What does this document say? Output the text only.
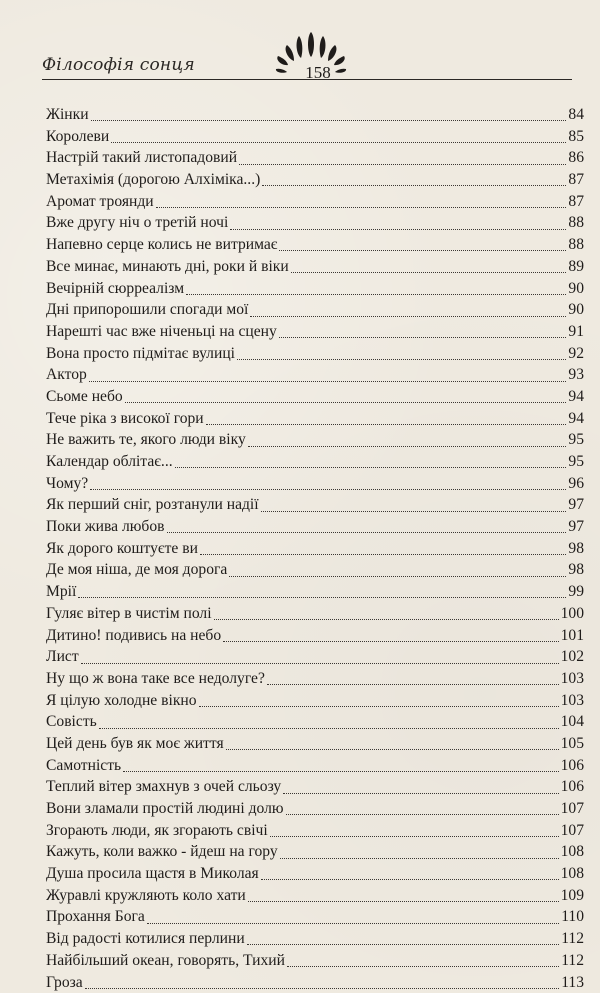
Філософія сонця	158
Жінки	84
Королеви	85
Настрій такий листопадовий	86
Метахімія (дорогою Алхіміка...)	87
Аромат троянди	87
Вже другу ніч о третій ночі	88
Напевно серце колись не витримає	88
Все минає, минають дні, роки й віки	89
Вечірній сюрреалізм	90
Дні припорошили спогади мої	90
Нарешті час вже ніченьці на сцену	91
Вона просто підмітає вулиці	92
Актор	93
Сьоме небо	94
Тече ріка з високої гори	94
Не важить те, якого люди віку	95
Календар облітає...	95
Чому?	96
Як перший сніг, розтанули надії	97
Поки жива любов	97
Як дорого коштуєте ви	98
Де моя ніша, де моя дорога	98
Мрії	99
Гуляє вітер в чистім полі	100
Дитино! подивись на небо	101
Лист	102
Ну що ж вона таке все недолуге?	103
Я цілую холодне вікно	103
Совість	104
Цей день був як моє життя	105
Самотність	106
Теплий вітер змахнув з очей сльозу	106
Вони зламали простій людині долю	107
Згорають люди, як згорають свічі	107
Кажуть, коли важко - йдеш на гору	108
Душа просила щастя в Миколая	108
Журавлі кружляють коло хати	109
Прохання Бога	110
Від радості котилися перлини	112
Найбільший океан, говорять, Тихий	112
Гроза	113
